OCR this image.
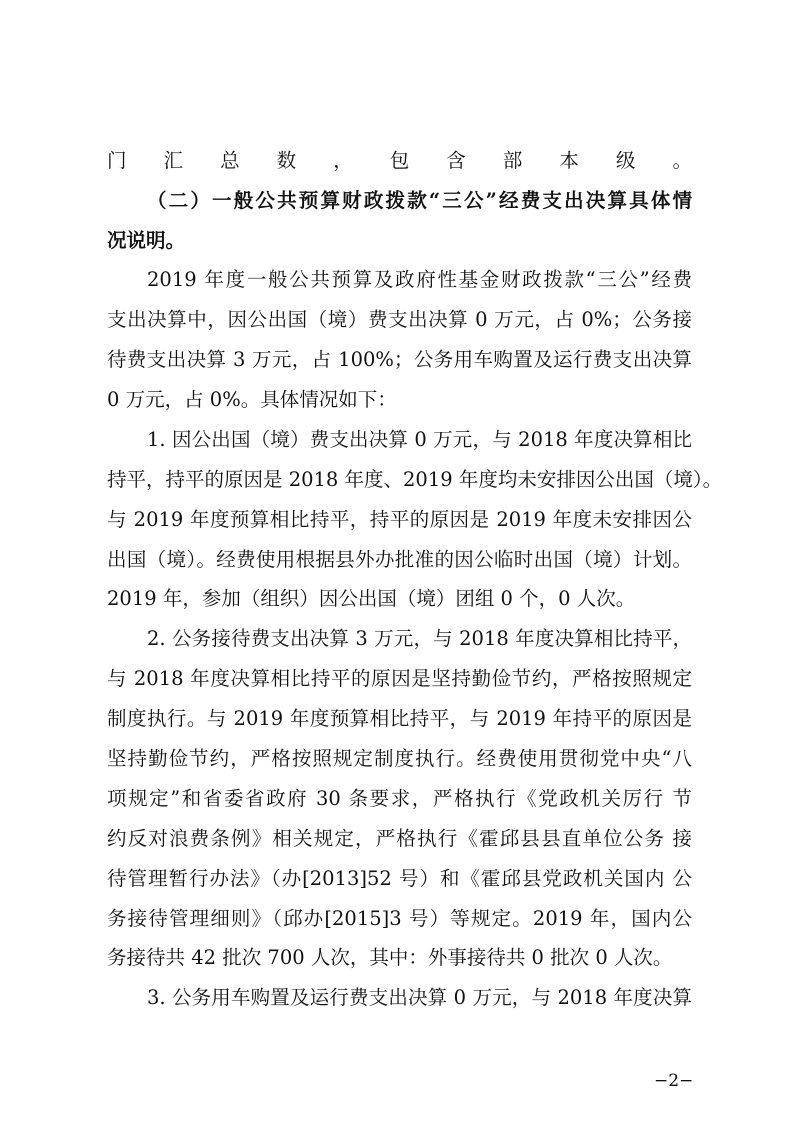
门汇总数，包含部本级。
（二）一般公共预算财政拨款“三公”经费支出决算具体情
况说明。
2019 年度一般公共预算及政府性基金财政拨款“三公”经费
支出决算中，因公出国（境）费支出决算 0 万元，占 0%；公务接
待费支出决算 3 万元，占 100%；公务用车购置及运行费支出决算
0 万元，占 0%。具体情况如下：
1. 因公出国（境）费支出决算 0 万元，与 2018 年度决算相比
持平，持平的原因是 2018 年度、2019 年度均未安排因公出国（境）。
与 2019 年度预算相比持平，持平的原因是 2019 年度未安排因公
出国（境）。经费使用根据县外办批准的因公临时出国（境）计划。
2019 年，参加（组织）因公出国（境）团组 0 个，0 人次。
2. 公务接待费支出决算 3 万元，与 2018 年度决算相比持平，
与 2018 年度决算相比持平的原因是坚持勤俭节约，严格按照规定
制度执行。与 2019 年度预算相比持平，与 2019 年持平的原因是
坚持勤俭节约，严格按照规定制度执行。经费使用贯彻党中央“八
项规定”和省委省政府 30 条要求，严格执行《党政机关厉行 节
约反对浪费条例》相关规定，严格执行《霍邱县县直单位公务 接
待管理暂行办法》（办[2013]52 号）和《霍邱县党政机关国内 公
务接待管理细则》（邱办[2015]3 号）等规定。2019 年，国内公
务接待共 42 批次 700 人次，其中：外事接待共 0 批次 0 人次。
3. 公务用车购置及运行费支出决算 0 万元，与 2018 年度决算
−2−
